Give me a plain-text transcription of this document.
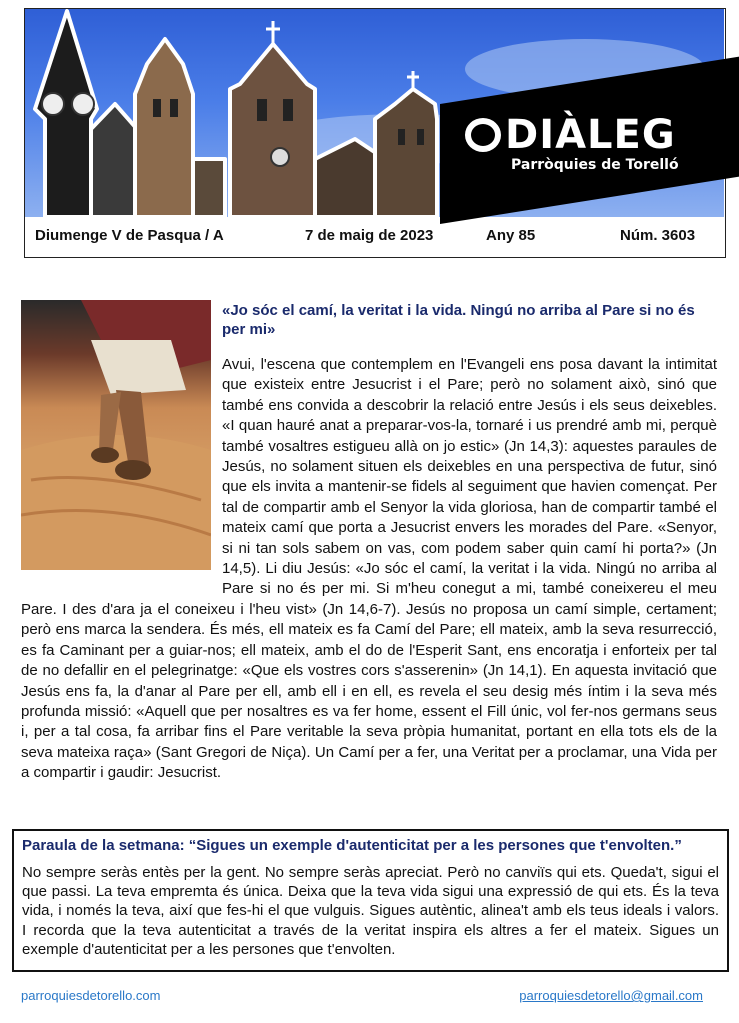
DIÀLEG
Parròquies de Torelló
Diumenge V de Pasqua / A	7 de maig de 2023	Any 85	Núm. 3603
«Jo sóc el camí, la veritat i la vida. Ningú no arriba al Pare si no és per mi»
Avui, l'escena que contemplem en l'Evangeli ens posa davant la intimitat que existeix entre Jesucrist i el Pare; però no solament això, sinó que també ens convida a descobrir la relació entre Jesús i els seus deixebles. «I quan hauré anat a preparar-vos-la, tornaré i us prendré amb mi, perquè també vosaltres estigueu allà on jo estic» (Jn 14,3): aquestes paraules de Jesús, no solament situen els deixebles en una perspectiva de futur, sinó que els invita a mantenir-se fidels al seguiment que havien començat. Per tal de compartir amb el Senyor la vida gloriosa, han de compartir també el mateix camí que porta a Jesucrist envers les morades del Pare. «Senyor, si ni tan sols sabem on vas, com podem saber quin camí hi porta?» (Jn 14,5). Li diu Jesús: «Jo sóc el camí, la veritat i la vida. Ningú no arriba al Pare si no és per mi. Si m'heu conegut a mi, també coneixereu el meu Pare. I des d'ara ja el coneixeu i l'heu vist» (Jn 14,6-7). Jesús no proposa un camí simple, certament; però ens marca la sendera. És més, ell mateix es fa Camí del Pare; ell mateix, amb la seva resurrecció, es fa Caminant per a guiar-nos; ell mateix, amb el do de l'Esperit Sant, ens encoratja i enforteix per tal de no defallir en el pelegrinatge: «Que els vostres cors s'asserenin» (Jn 14,1). En aquesta invitació que Jesús ens fa, la d'anar al Pare per ell, amb ell i en ell, es revela el seu desig més íntim i la seva més profunda missió: «Aquell que per nosaltres es va fer home, essent el Fill únic, vol fer-nos germans seus i, per a tal cosa, fa arribar fins el Pare veritable la seva pròpia humanitat, portant en ella tots els de la seva mateixa raça» (Sant Gregori de Niça). Un Camí per a fer, una Veritat per a proclamar, una Vida per a compartir i gaudir: Jesucrist.
Paraula de la setmana: “Sigues un exemple d'autenticitat per a les persones que t'envolten.”
No sempre seràs entès per la gent. No sempre seràs apreciat. Però no canviïs qui ets. Queda't, sigui el que passi. La teva empremta és única. Deixa que la teva vida sigui una expressió de qui ets. És la teva vida, i només la teva, així que fes-hi el que vulguis. Sigues autèntic, alinea't amb els teus ideals i valors. I recorda que la teva autenticitat a través de la veritat inspira els altres a fer el mateix. Sigues un exemple d'autenticitat per a les persones que t'envolten.
parroquiesdetorello.com	parroquiesdetorello@gmail.com
